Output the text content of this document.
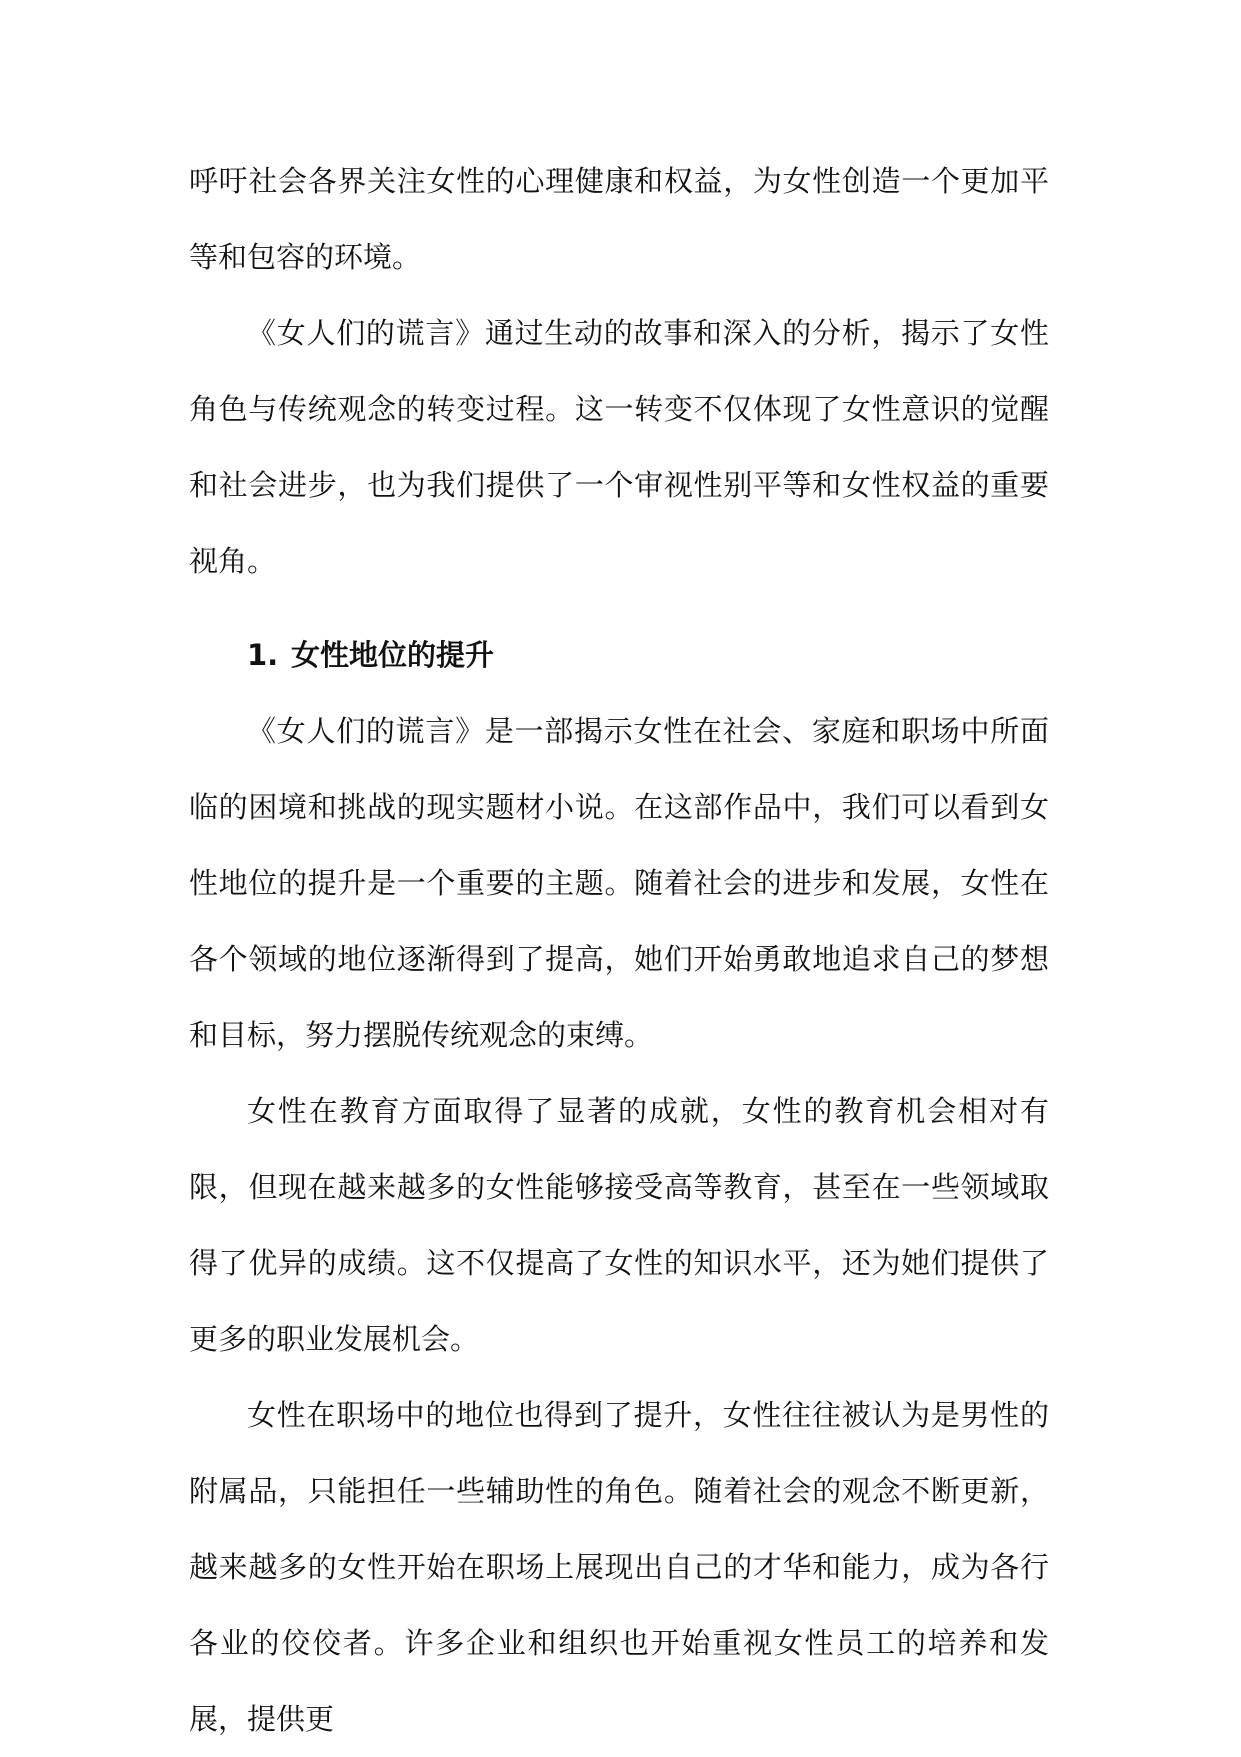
呼吁社会各界关注女性的心理健康和权益，为女性创造一个更加平等和包容的环境。

《女人们的谎言》通过生动的故事和深入的分析，揭示了女性角色与传统观念的转变过程。这一转变不仅体现了女性意识的觉醒和社会进步，也为我们提供了一个审视性别平等和女性权益的重要视角。

1. 女性地位的提升

《女人们的谎言》是一部揭示女性在社会、家庭和职场中所面临的困境和挑战的现实题材小说。在这部作品中，我们可以看到女性地位的提升是一个重要的主题。随着社会的进步和发展，女性在各个领域的地位逐渐得到了提高，她们开始勇敢地追求自己的梦想和目标，努力摆脱传统观念的束缚。

女性在教育方面取得了显著的成就，女性的教育机会相对有限，但现在越来越多的女性能够接受高等教育，甚至在一些领域取得了优异的成绩。这不仅提高了女性的知识水平，还为她们提供了更多的职业发展机会。

女性在职场中的地位也得到了提升，女性往往被认为是男性的附属品，只能担任一些辅助性的角色。随着社会的观念不断更新，越来越多的女性开始在职场上展现出自己的才华和能力，成为各行各业的佼佼者。许多企业和组织也开始重视女性员工的培养和发展，提供更
